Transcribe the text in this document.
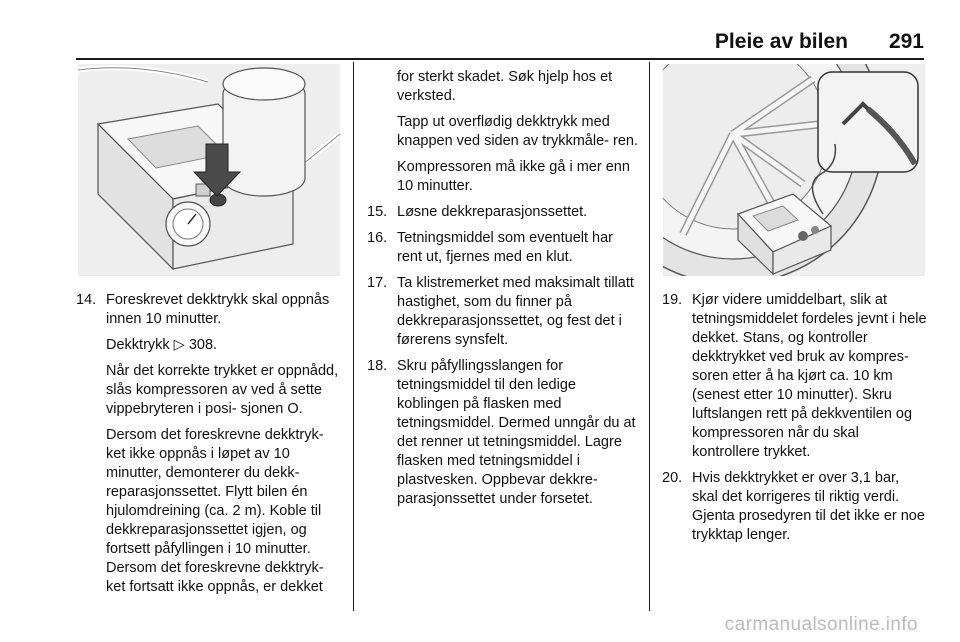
Pleie av bilen 291
14. Foreskrevet dekktrykk skal oppnås innen 10 minutter.

Dekktrykk ▷ 308.

Når det korrekte trykket er oppnådd, slås kompressoren av ved å sette vippebryteren i posi- sjonen O.

Dersom det foreskrevne dekktryk- ket ikke oppnås i løpet av 10 minutter, demonterer du dekk- reparasjonssettet. Flytt bilen én hjulomdreining (ca. 2 m). Koble til dekkreparasjonssettet igjen, og fortsett påfyllingen i 10 minutter. Dersom det foreskrevne dekktryk- ket fortsatt ikke oppnås, er dekket

for sterkt skadet. Søk hjelp hos et verksted.

Tapp ut overflødig dekktrykk med knappen ved siden av trykkmåle- ren.

Kompressoren må ikke gå i mer enn 10 minutter.

15. Løsne dekkreparasjonssettet.
16. Tetningsmiddel som eventuelt har rent ut, fjernes med en klut.
17. Ta klistremerket med maksimalt tillatt hastighet, som du finner på dekkreparasjonssettet, og fest det i førerens synsfelt.
18. Skru påfyllingsslangen for tetningsmiddel til den ledige koblingen på flasken med tetningsmiddel. Dermed unngår du at det renner ut tetningsmiddel. Lagre flasken med tetningsmiddel i plastvesken. Oppbevar dekkre- parasjonssettet under forsetet.
19. Kjør videre umiddelbart, slik at tetningsmiddelet fordeles jevnt i hele dekket. Stans, og kontroller dekktrykket ved bruk av kompres- soren etter å ha kjørt ca. 10 km (senest etter 10 minutter). Skru luftslangen rett på dekkventilen og kompressoren når du skal kontrollere trykket.
20. Hvis dekktrykket er over 3,1 bar, skal det korrigeres til riktig verdi. Gjenta prosedyren til det ikke er noe trykktap lenger.
carmanualsonline.info
